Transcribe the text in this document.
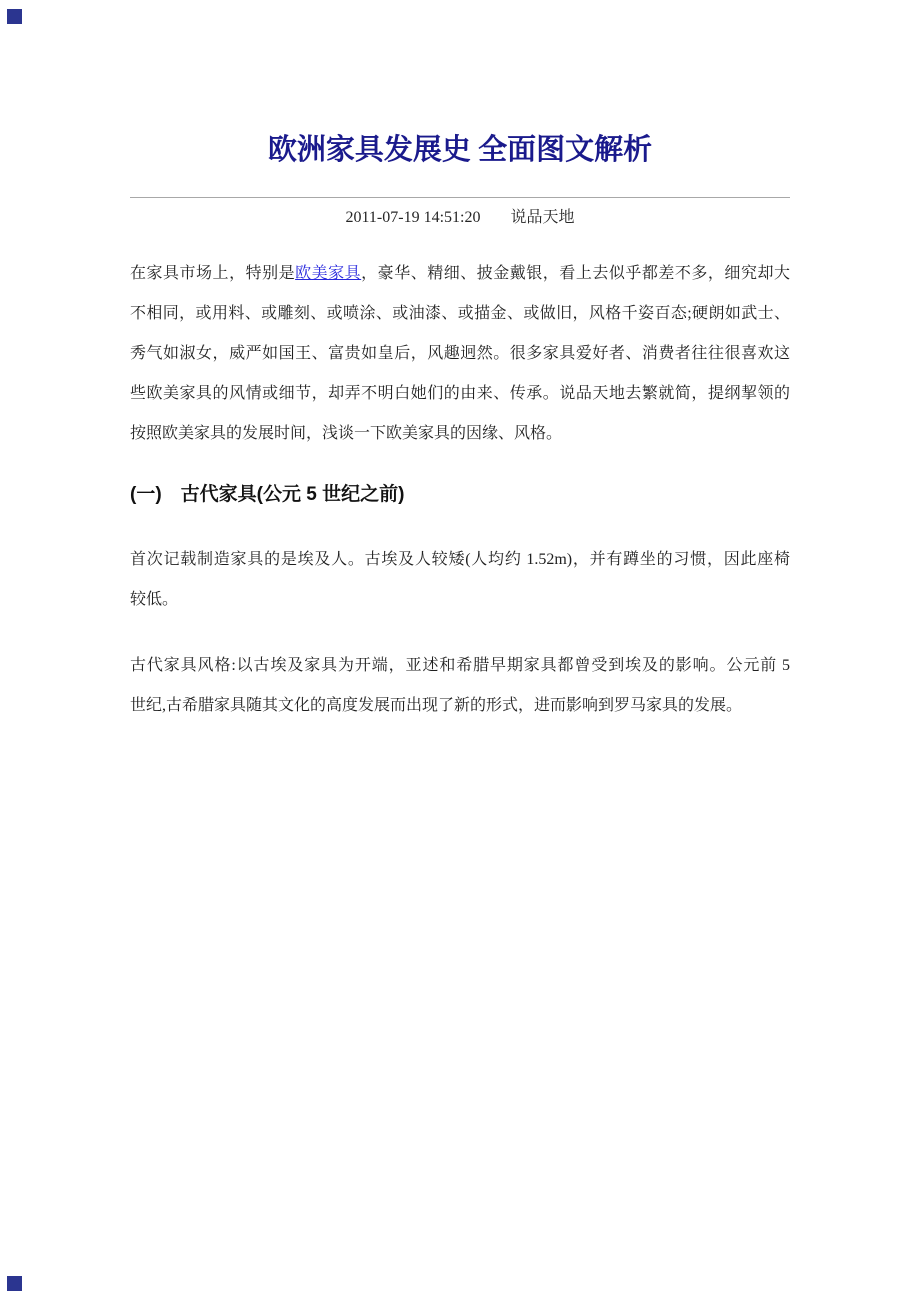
欧洲家具发展史 全面图文解析
2011-07-19 14:51:20 说品天地
在家具市场上，特别是欧美家具，豪华、精细、披金戴银，看上去似乎都差不多，细究却大
不相同，或用料、或雕刻、或喷涂、或油漆、或描金、或做旧，风格千姿百态;硬朗如武士、
秀气如淑女，威严如国王、富贵如皇后，风趣迥然。很多家具爱好者、消费者往往很喜欢这
些欧美家具的风情或细节，却弄不明白她们的由来、传承。说品天地去繁就简，提纲挈领的
按照欧美家具的发展时间，浅谈一下欧美家具的因缘、风格。
(一)　古代家具(公元 5 世纪之前)
首次记载制造家具的是埃及人。古埃及人较矮(人均约 1.52m)，并有蹲坐的习惯，因此座椅
较低。
古代家具风格:以古埃及家具为开端，亚述和希腊早期家具都曾受到埃及的影响。公元前 5
世纪,古希腊家具随其文化的高度发展而出现了新的形式，进而影响到罗马家具的发展。
